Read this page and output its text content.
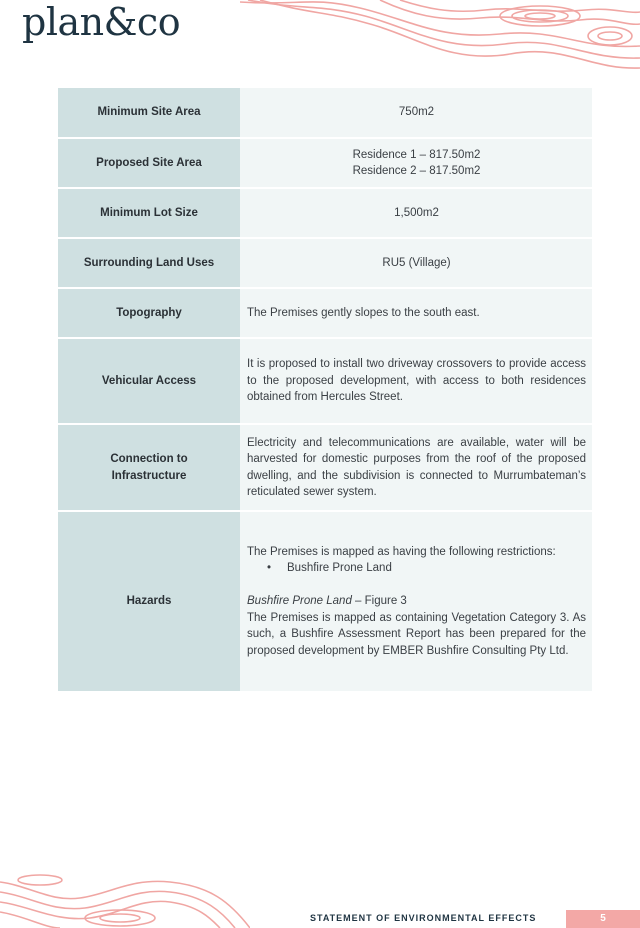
plan&co
Minimum Site Area	750m2

Proposed Site Area	Residence 1 – 817.50m2
Residence 2 – 817.50m2

Minimum Lot Size	1,500m2

Surrounding Land Uses	RU5 (Village)

Topography	The Premises gently slopes to the south east.

Vehicular Access	It is proposed to install two driveway crossovers to provide access to the proposed development, with access to both residences obtained from Hercules Street.
Connection to Infrastructure	Electricity and telecommunications are available, water will be harvested for domestic purposes from the roof of the proposed dwelling, and the subdivision is connected to Murrumbateman’s reticulated sewer system.
Hazards	The Premises is mapped as having the following restrictions:
• Bushfire Prone Land

Bushfire Prone Land – Figure 3
The Premises is mapped as containing Vegetation Category 3. As such, a Bushfire Assessment Report has been prepared for the proposed development by EMBER Bushfire Consulting Pty Ltd.
STATEMENT OF ENVIRONMENTAL EFFECTS	5
